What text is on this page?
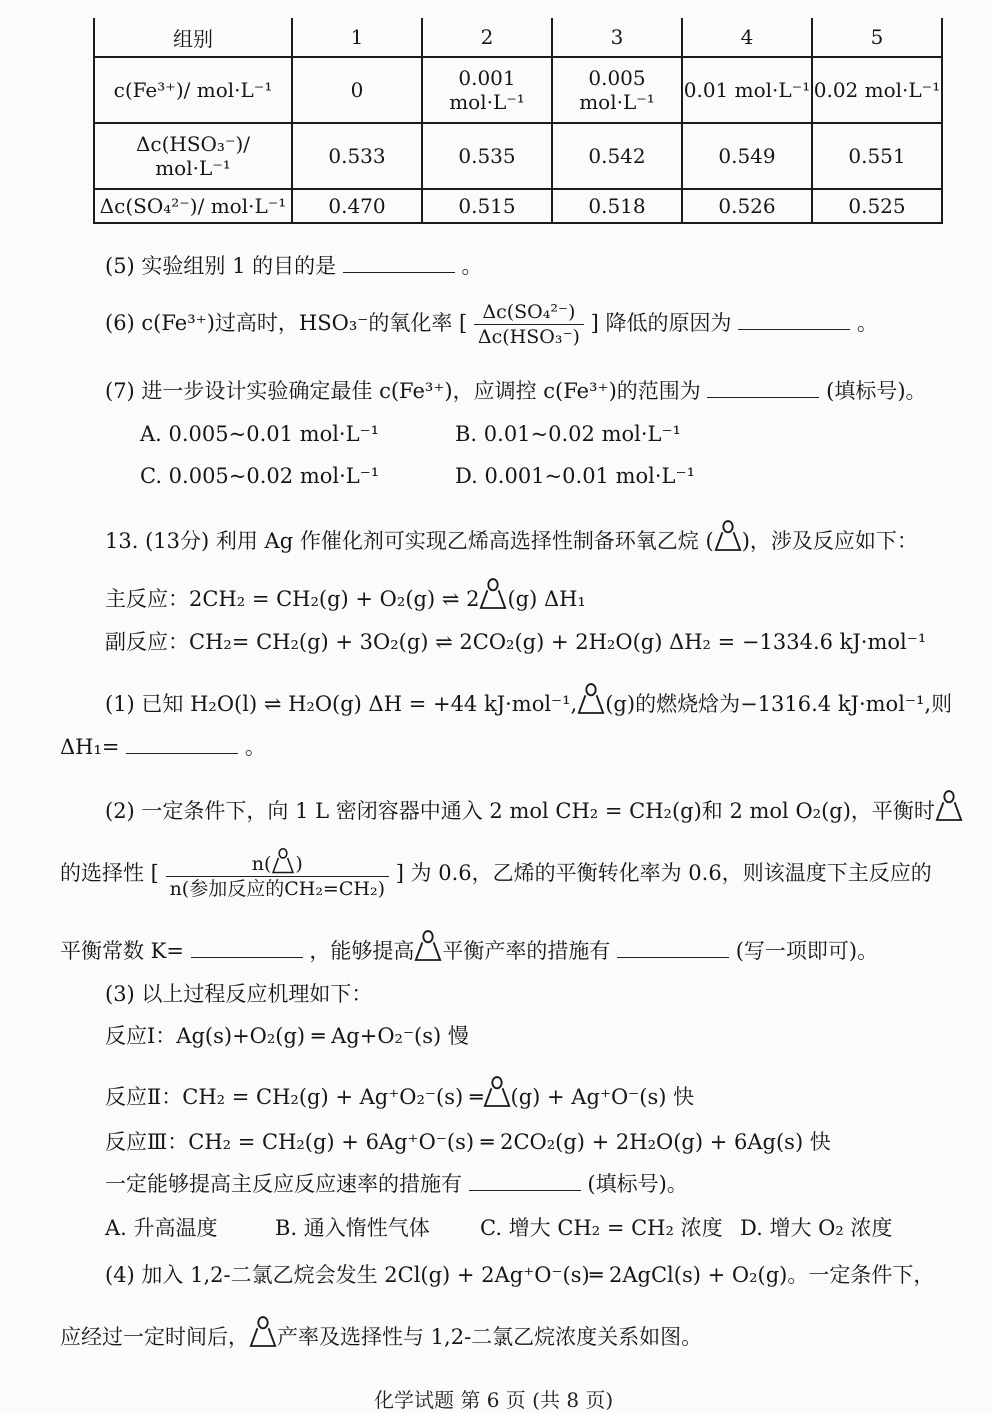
组别	1	2	3	4	5
c(Fe³⁺)/ mol·L⁻¹	0	0.001 mol·L⁻¹	0.005 mol·L⁻¹	0.01 mol·L⁻¹	0.02 mol·L⁻¹
Δc(HSO₃⁻)/ mol·L⁻¹	0.533	0.535	0.542	0.549	0.551
Δc(SO₄²⁻)/ mol·L⁻¹	0.470	0.515	0.518	0.526	0.525
(5) 实验组别 1 的目的是	。
(6) c(Fe³⁺)过高时，HSO₃⁻的氧化率 [ $\frac{\text{Δc(SO₄²⁻)}}{\text{Δc(HSO₃⁻)}}$ ] 降低的原因为	。
(7) 进一步设计实验确定最佳 c(Fe³⁺)，应调控 c(Fe³⁺)的范围为	(填标号)。
A. 0.005~0.01 mol·L⁻¹	B. 0.01~0.02 mol·L⁻¹
C. 0.005~0.02 mol·L⁻¹	D. 0.001~0.01 mol·L⁻¹
13. (13分) 利用 Ag 作催化剂可实现乙烯高选择性制备环氧乙烷 ( )，涉及反应如下：
主反应：2CH₂ = CH₂(g) + O₂(g) ⇌ 2 (g) ΔH₁
副反应：CH₂= CH₂(g) + 3O₂(g) ⇌ 2CO₂(g) + 2H₂O(g) ΔH₂ = −1334.6 kJ·mol⁻¹
(1) 已知 H₂O(l) ⇌ H₂O(g) ΔH = +44 kJ·mol⁻¹, (g)的燃烧焓为−1316.4 kJ·mol⁻¹,则
ΔH₁=	。
(2) 一定条件下，向 1 L 密闭容器中通入 2 mol CH₂ = CH₂(g)和 2 mol O₂(g)，平衡时
的选择性 [ $\frac{n( )}{\text{n(参加反应的CH₂=CH₂)}}$ ] 为 0.6，乙烯的平衡转化率为 0.6，则该温度下主反应的
平衡常数 K=	，能够提高 平衡产率的措施有	(写一项即可)。
(3) 以上过程反应机理如下：
反应Ⅰ：Ag(s)+O₂(g) ═ Ag+O₂⁻(s) 慢
反应Ⅱ：CH₂ = CH₂(g) + Ag⁺O₂⁻(s) ═ (g) + Ag⁺O⁻(s) 快
反应Ⅲ：CH₂ = CH₂(g) + 6Ag⁺O⁻(s) ═ 2CO₂(g) + 2H₂O(g) + 6Ag(s) 快
一定能够提高主反应反应速率的措施有	(填标号)。
A. 升高温度	B. 通入惰性气体 C. 增大 CH₂ = CH₂ 浓度 D. 增大 O₂ 浓度
(4) 加入 1,2-二氯乙烷会发生 2Cl(g) + 2Ag⁺O⁻(s)═ 2AgCl(s) + O₂(g)。一定条件下，
应经过一定时间后， 产率及选择性与 1,2-二氯乙烷浓度关系如图。
化学试题 第 6 页 (共 8 页)
